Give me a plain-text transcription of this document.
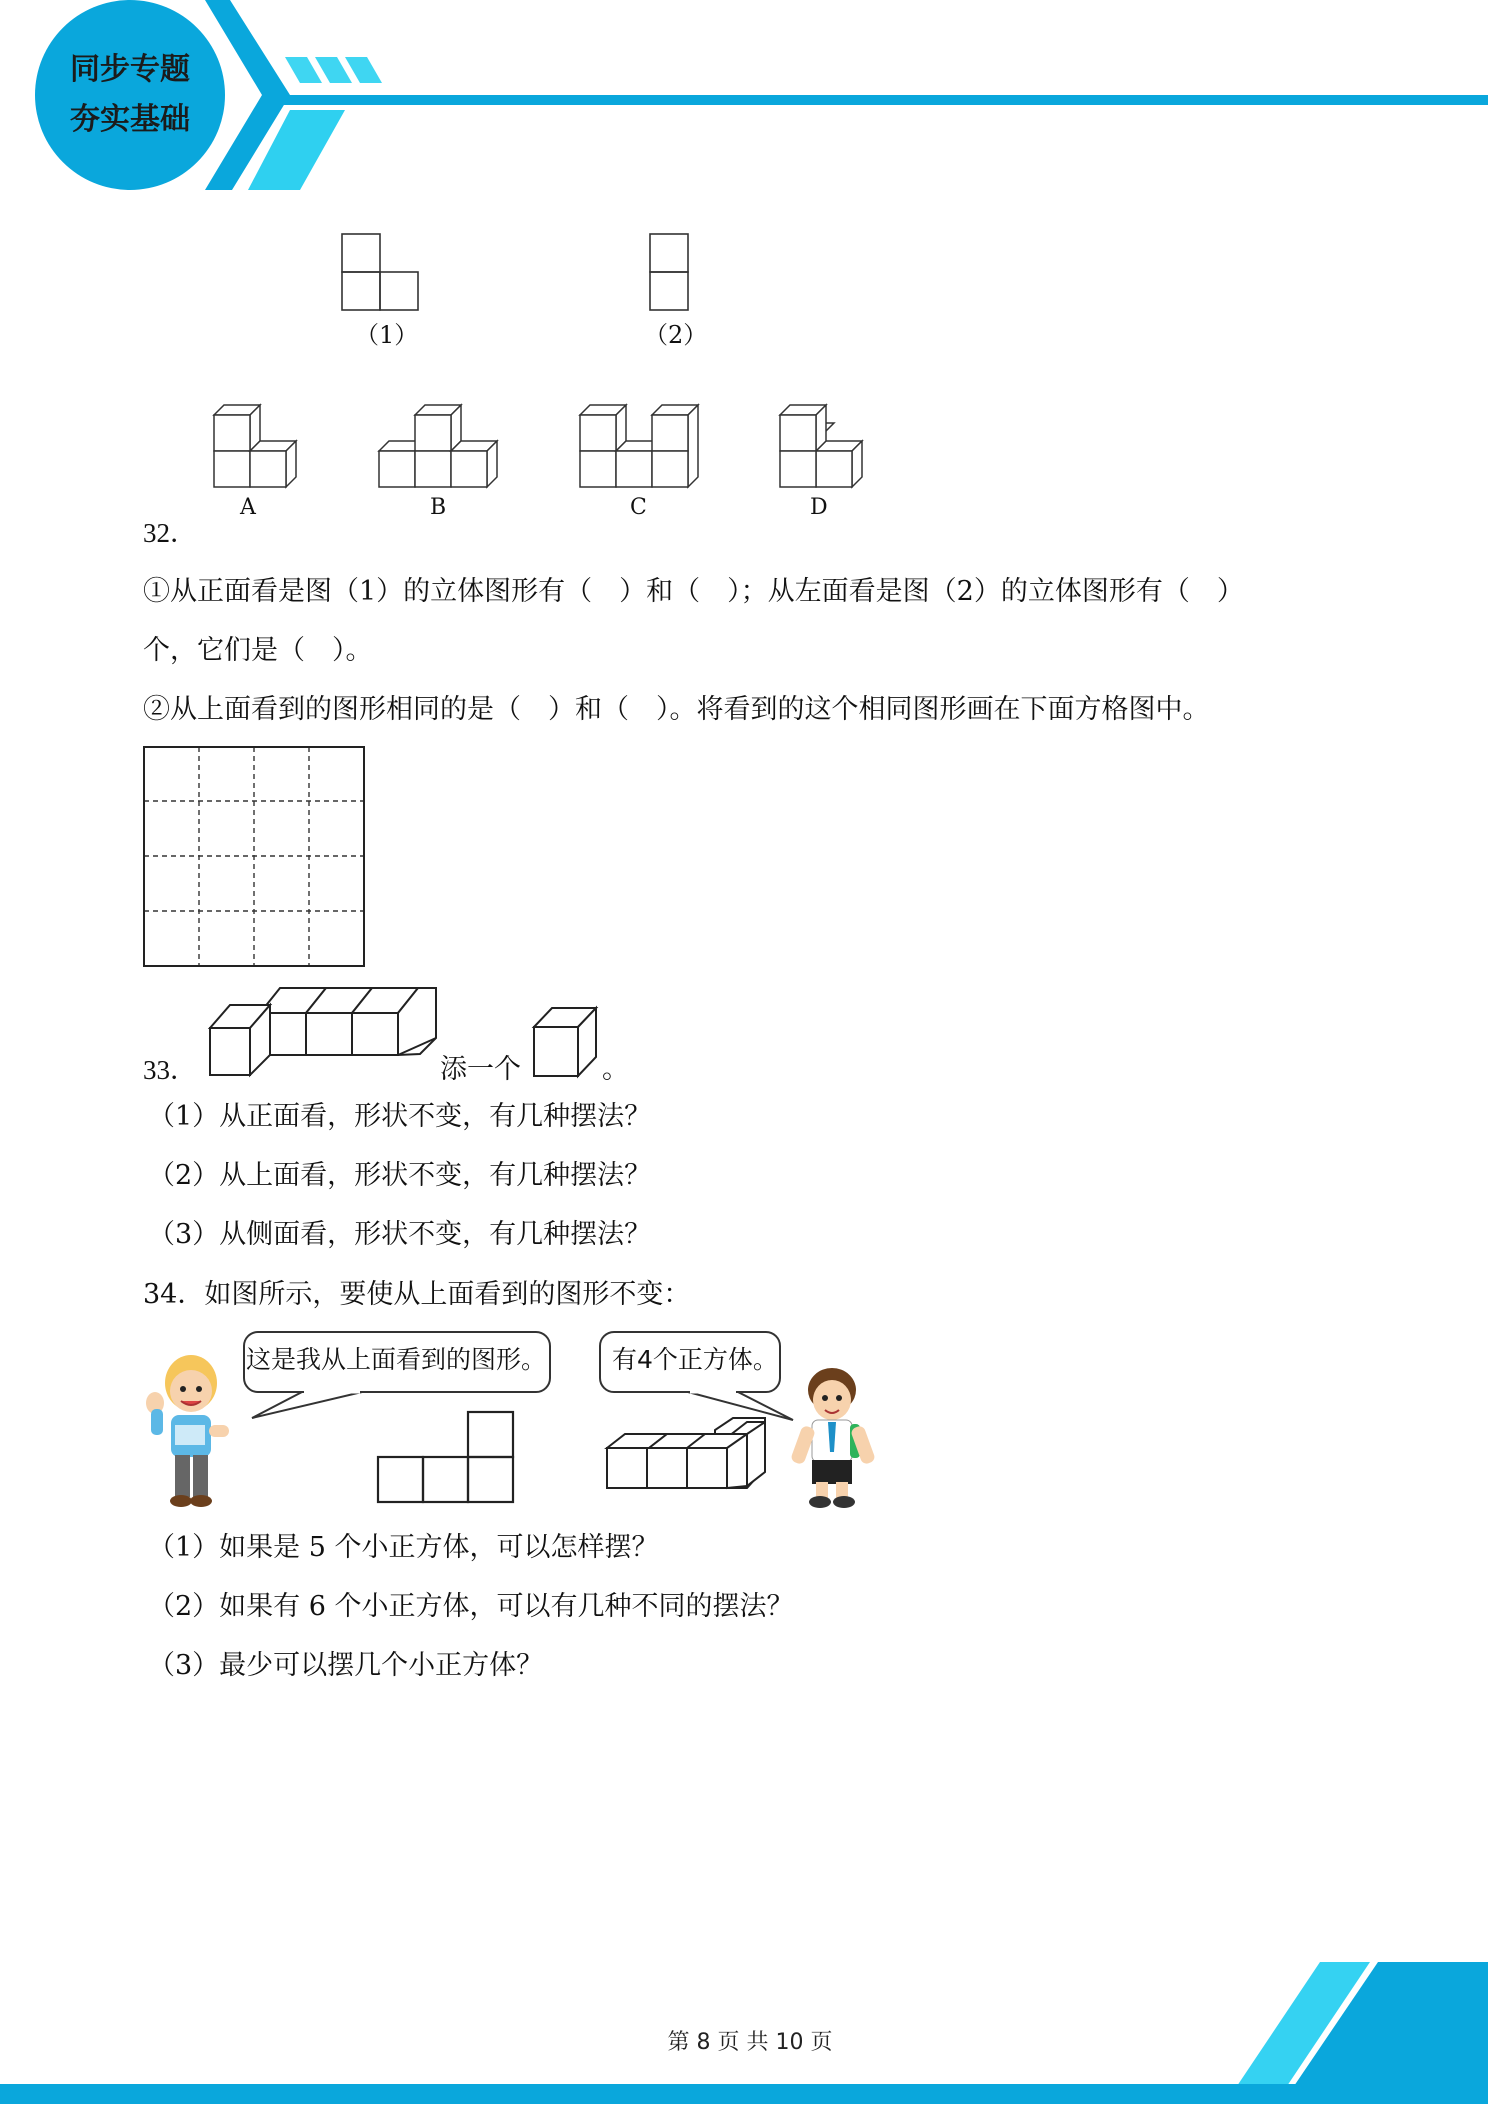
同步专题
夯实基础
（1）	（2）
A	B	C	D
32．
①从正面看是图（1）的立体图形有（　）和（　）；从左面看是图（2）的立体图形有（　）
个，它们是（　）。
②从上面看到的图形相同的是（　）和（　）。将看到的这个相同图形画在下面方格图中。
33．	添一个	。
（1）从正面看，形状不变，有几种摆法？
（2）从上面看，形状不变，有几种摆法？
（3）从侧面看，形状不变，有几种摆法？
34．如图所示，要使从上面看到的图形不变：
这是我从上面看到的图形。	有4个正方体。
（1）如果是 5 个小正方体，可以怎样摆？
（2）如果有 6 个小正方体，可以有几种不同的摆法？
（3）最少可以摆几个小正方体？
第 8 页 共 10 页
